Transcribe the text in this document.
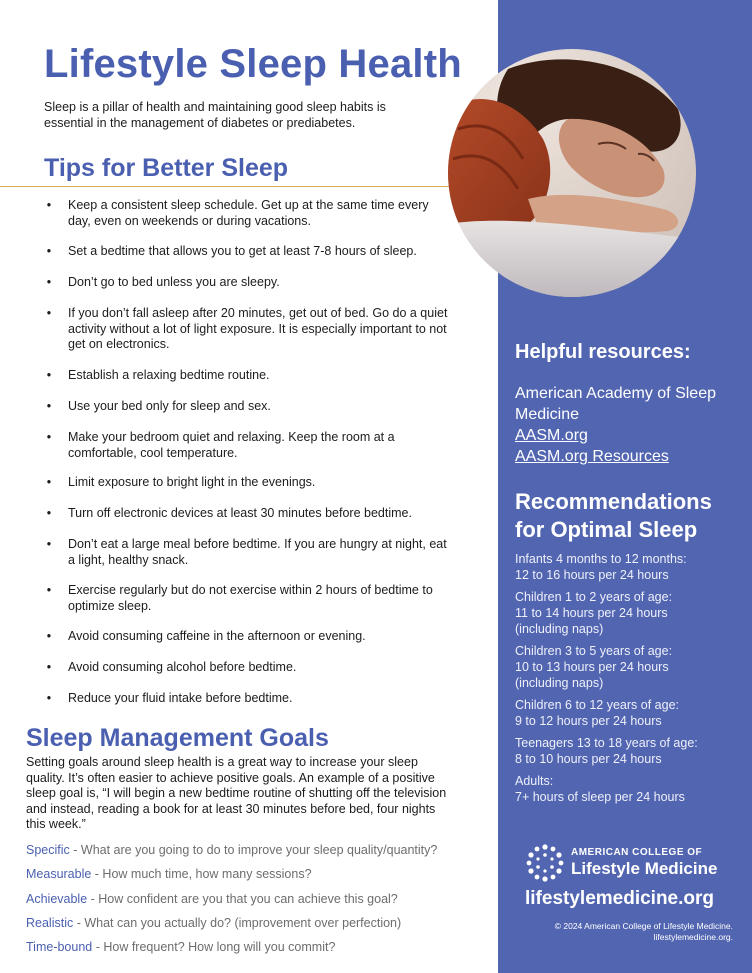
Lifestyle Sleep Health

Sleep is a pillar of health and maintaining good sleep habits is essential in the management of diabetes or prediabetes.

Tips for Better Sleep
• Keep a consistent sleep schedule. Get up at the same time every day, even on weekends or during vacations.
• Set a bedtime that allows you to get at least 7-8 hours of sleep.
• Don’t go to bed unless you are sleepy.
• If you don’t fall asleep after 20 minutes, get out of bed. Go do a quiet activity without a lot of light exposure. It is especially important to not get on electronics.
• Establish a relaxing bedtime routine.
• Use your bed only for sleep and sex.
• Make your bedroom quiet and relaxing. Keep the room at a comfortable, cool temperature.
• Limit exposure to bright light in the evenings.
• Turn off electronic devices at least 30 minutes before bedtime.
• Don’t eat a large meal before bedtime. If you are hungry at night, eat a light, healthy snack.
• Exercise regularly but do not exercise within 2 hours of bedtime to optimize sleep.
• Avoid consuming caffeine in the afternoon or evening.
• Avoid consuming alcohol before bedtime.
• Reduce your fluid intake before bedtime.
Sleep Management Goals

Setting goals around sleep health is a great way to increase your sleep quality. It’s often easier to achieve positive goals. An example of a positive sleep goal is, “I will begin a new bedtime routine of shutting off the television and instead, reading a book for at least 30 minutes before bed, four nights this week.”

Specific - What are you going to do to improve your sleep quality/quantity?
Measurable - How much time, how many sessions?
Achievable - How confident are you that you can achieve this goal?
Realistic - What can you actually do? (improvement over perfection)
Time-bound - How frequent? How long will you commit?
Helpful resources:
American Academy of Sleep
Medicine
AASM.org
AASM.org Resources
Recommendations for Optimal Sleep
Infants 4 months to 12 months:
12 to 16 hours per 24 hours
Children 1 to 2 years of age:
11 to 14 hours per 24 hours
(including naps)
Children 3 to 5 years of age:
10 to 13 hours per 24 hours
(including naps)
Children 6 to 12 years of age:
9 to 12 hours per 24 hours
Teenagers 13 to 18 years of age:
8 to 10 hours per 24 hours
Adults:
7+ hours of sleep per 24 hours
AMERICAN COLLEGE OF
Lifestyle Medicine
lifestylemedicine.org
© 2024 American College of Lifestyle Medicine.
lifestylemedicine.org.
